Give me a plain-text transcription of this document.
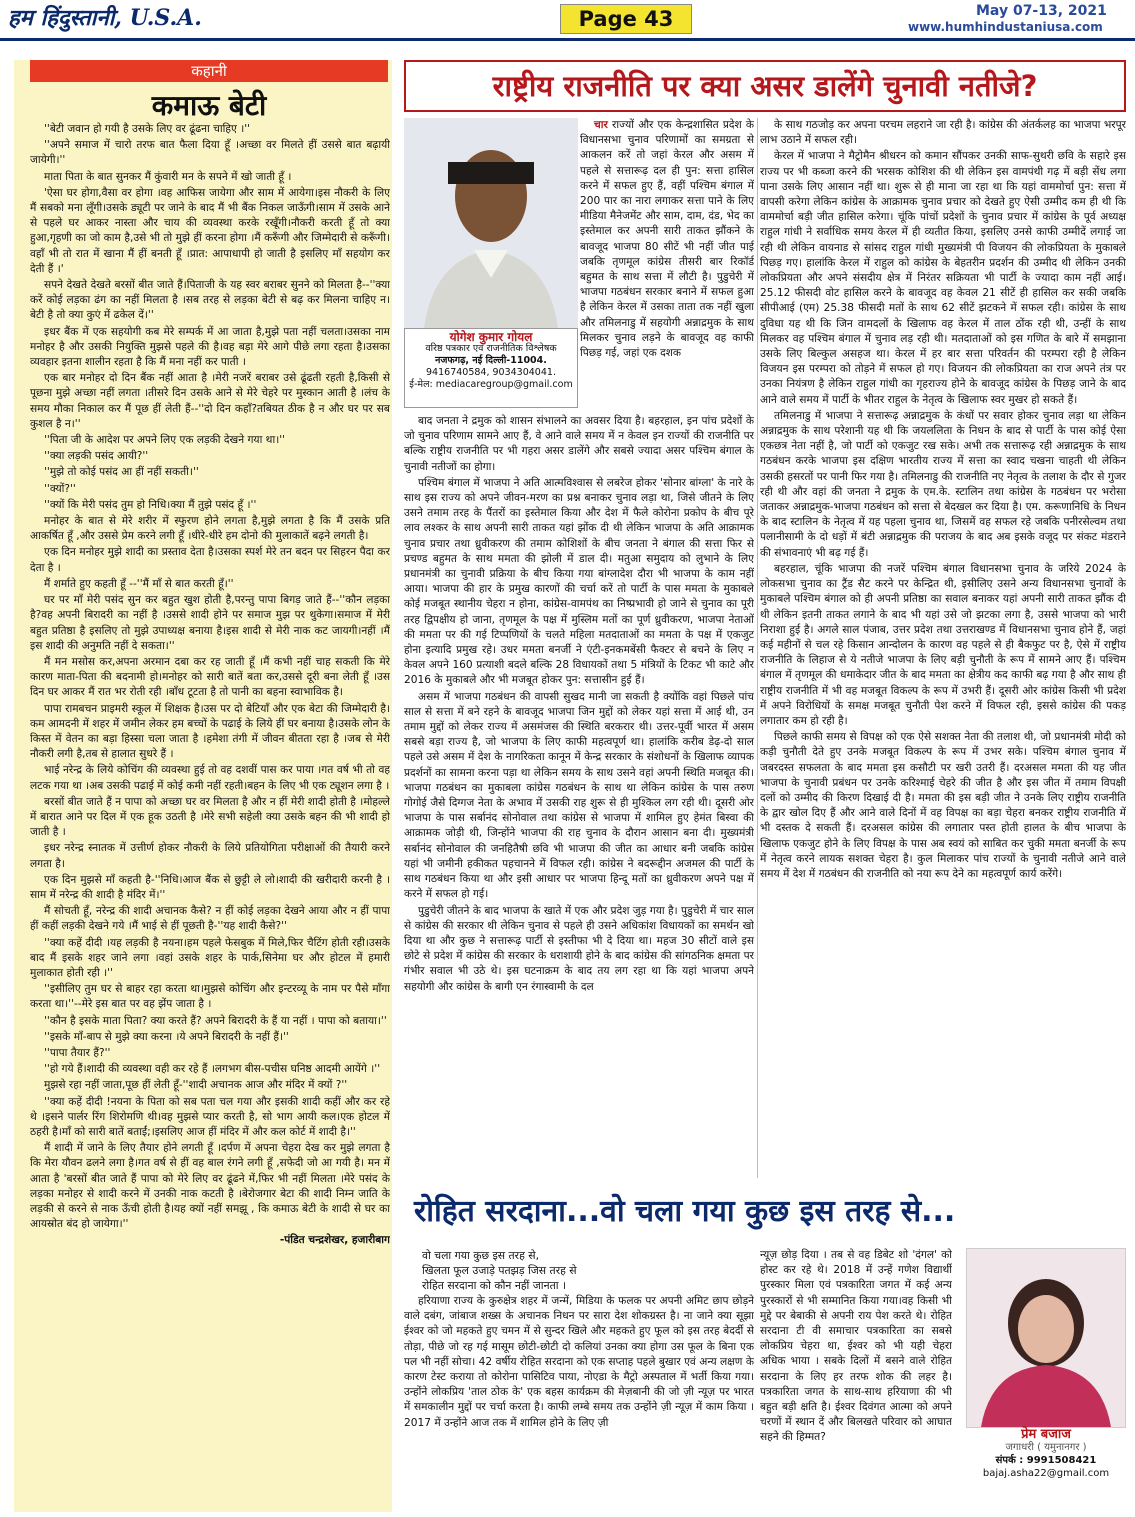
हम हिंदुस्तानी, U.S.A.	Page 43	May 07-13, 2021
www.humhindustaniusa.com
कहानी
कमाऊ बेटी

''बेटी जवान हो गयी है उसके लिए वर ढूंढना चाहिए ।''

''अपने समाज में चारो तरफ बात फैला दिया हूँ ।अच्छा वर मिलते हीं उससे बात बढ़ायी जायेगी।''

माता पिता के बात सुनकर मैं कुंवारी मन के सपने में खो जाती हूँ ।

'ऐसा घर होगा,वैसा वर होगा ।वह आफिस जायेगा और साम में आयेगा।इस नौकरी के लिए मैं सबको मना लूँगी।उसके ड्यूटी पर जाने के बाद मैं भी बैंक निकल जाऊँगी।साम में उसके आने से पहले घर आकर नास्ता और चाय की व्यवस्था करके रखूँगी।नौकरी करती हूँ तो क्या हुआ,गृहणी का जो काम है,उसे भी तो मुझे हीं करना होगा ।मैं करूँगी और जिम्मेदारी से करूँगी।वहाँ भी तो रात में खाना मैं हीं बनती हूँ ।प्रात: आपाधापी हो जाती है इसलिए माँ सहयोग कर देती हैं ।'

सपने देखते देखते बरसों बीत जाते हैं।पिताजी के यह स्वर बराबर सुनने को मिलता है--''क्या करें कोई लड़का ढंग का नहीं मिलता है ।सब तरह से लड़का बेटी से बढ़ कर मिलना चाहिए न।बेटी है तो क्या कुएं में ढकेल दें।''

इधर बैंक में एक सहयोगी कब मेरे सम्पर्क में आ जाता है,मुझे पता नहीं चलता।उसका नाम मनोहर है और उसकी नियुक्ति मुझसे पहले की है।वह बड़ा मेरे आगे पीछे लगा रहता है।उसका व्यवहार इतना शालीन रहता है कि मैं मना नहीं कर पाती ।

एक बार मनोहर दो दिन बैंक नहीं आता है ।मेरी नजरें बराबर उसे ढूंढती रहती है,किसी से पूछना मुझे अच्छा नहीं लगता ।तीसरे दिन उसके आने से मेरे चेहरे पर मुस्कान आती है ।लंच के समय मौका निकाल कर मैं पूछ हीं लेती हैं--''दो दिन कहाँ?तबियत ठीक है न और घर पर सब कुशल है न।''

''पिता जी के आदेश पर अपने लिए एक लड़की देखने गया था।''

''क्या लड़की पसंद आयी?''

''मुझे तो कोई पसंद आ हीं नहीं सकती।''

''क्यों?''

''क्यों कि मेरी पसंद तुम हो निधि।क्या मैं तुझे पसंद हूँ ।''

मनोहर के बात से मेरे शरीर में स्फुरण होने लगता है,मुझे लगता है कि मैं उसके प्रति आकर्षित हूँ ,और उससे प्रेम करने लगी हूँ ।धीरे-धीरे हम दोनो की मुलाकातें बढ़ने लगती है।

एक दिन मनोहर मुझे शादी का प्रस्ताव देता है।उसका स्पर्श मेरे तन बदन पर सिहरन पैदा कर देता है ।

मैं शर्माते हुए कहती हूँ --''मैं माँ से बात करती हूँ।''

घर पर माँ मेरी पसंद सुन कर बहुत खुश होती है,परन्तु पापा बिगड़ जाते हैं--''कौन लड़का है?वह अपनी बिरादरी का नहीं है ।उससे शादी होने पर समाज मुझ पर थुकेगा।समाज में मेरी बहुत प्रतिष्ठा है इसलिए तो मुझे उपाध्यक्ष बनाया है।इस शादी से मेरी नाक कट जायगी।नहीं ।मैं इस शादी की अनुमति नहीं दे सकता।''

मैं मन मसोस कर,अपना अरमान दबा कर रह जाती हूँ ।मैं कभी नहीं चाह सकती कि मेरे कारण माता-पिता की बदनामी हो।मनोहर को सारी बातें बता कर,उससे दूरी बना लेती हूँ ।उस दिन घर आकर मैं रात भर रोती रही ।बाँध टूटता है तो पानी का बहना स्वाभाविक है।

पापा रामबचन प्राइमरी स्कूल में शिक्षक है।उस पर दो बेटियाँ और एक बेटा की जिम्मेदारी है। कम आमदनी में शहर में जमीन लेकर हम बच्चों के पढाई के लिये हीं घर बनाया है।उसके लोन के किस्त में वेतन का बड़ा हिस्सा चला जाता है ।हमेशा तंगी में जीवन बीतता रहा है ।जब से मेरी नौकरी लगी है,तब से हालात सुधरे हैं ।

भाई नरेन्द्र के लिये कोचिंग की व्यवस्था हुई तो वह दशवीं पास कर पाया ।गत वर्ष भी तो वह लटक गया था ।अब उसकी पढाई में कोई कमी नहीं रहती।बहन के लिए भी एक ट्यूशन लगा है ।

बरसों बीत जाते हैं न पापा को अच्छा घर वर मिलता है और न हीं मेरी शादी होती है ।मोहल्ले में बारात आने पर दिल में एक हूक उठती है ।मेरे सभी सहेली क्या उसके बहन की भी शादी हो जाती है ।

इधर नरेन्द्र स्नातक में उत्तीर्ण होकर नौकरी के लिये प्रतियोगिता परीक्षाओं की तैयारी करने लगता है।

एक दिन मुझसे माँ कहती है-''निधि।आज बैंक से छुट्टी ले लो।शादी की खरीदारी करनी है ।साम में नरेन्द्र की शादी है मंदिर में।''

मैं सोचती हूँ, नरेन्द्र की शादी अचानक कैसे? न हीं कोई लड़का देखने आया और न हीं पापा हीं कहीं लड़की देखने गये ।मैं भाई से हीं पूछती है-''यह शादी कैसे?''

''क्या कहें दीदी ।यह लड़की है नयना।हम पहले फेसबुक में मिले,फिर चैटिंग होती रही।उसके बाद मैं इसके शहर जाने लगा ।वहां उसके शहर के पार्क,सिनेमा घर और होटल में हमारी मुलाकात होती रही ।''

''इसीलिए तुम घर से बाहर रहा करता था।मुझसे कोचिंग और इन्टरव्यू के नाम पर पैसे माँगा करता था।''--मेरे इस बात पर वह झेंप जाता है ।

''कौन है इसके माता पिता? क्या करते हैं? अपने बिरादरी के हैं या नहीं । पापा को बताया।''

''इसके माँ-बाप से मुझे क्या करना ।ये अपने बिरादरी के नहीं हैं।''

''पापा तैयार हैं?''

''हो गये हैं।शादी की व्यवस्था वही कर रहे हैं ।लगभग बीस-पचीस घनिष्ठ आदमी आयेंगे ।''

मुझसे रहा नहीं जाता,पूछ हीं लेती हूँ-''शादी अचानक आज और मंदिर में क्यों ?''

''क्या कहें दीदी !नयना के पिता को सब पता चल गया और इसकी शादी कहीं और कर रहे थे ।इसने पार्लर रिंग शिरोमणि थी।वह मुझसे प्यार करती है, सो भाग आयी कल।एक होटल में ठहरी है।माँ को सारी बातें बताईं;।इसलिए आज हीं मंदिर में और कल कोर्ट में शादी है।''

मैं शादी में जाने के लिए तैयार होने लगती हूँ ।दर्पण में अपना चेहरा देख कर मुझे लगता है कि मेरा यौवन ढलने लगा है।गत वर्ष से हीं वह बाल रंगने लगी हूँ ,सफेदी जो आ गयी है। मन में आता है 'बरसों बीत जाते हैं पापा को मेरे लिए वर ढूंढने में,फिर भी नहीं मिलता ।मेरे पसंद के लड़का मनोहर से शादी करने में उनकी नाक कटती है ।बेरोजगार बेटा की शादी निम्न जाति के लड़की से करने से नाक ऊँची होती है।यह क्यों नहीं समझू , कि कमाऊ बेटी के शादी से घर का आयस्रोत बंद हो जायेगा।''

-पंडित चन्द्रशेखर, हजारीबाग
राष्ट्रीय राजनीति पर क्या असर डालेंगे चुनावी नतीजे?
योगेश कुमार गोयल
वरिष्ठ पत्रकार एवं राजनीतिक विश्लेषक
नजफगढ़, नई दिल्ली-11004.
9416740584, 9034304041.
ई-मेल: mediacaregroup@gmail.com

चार राज्यों और एक केन्द्रशासित प्रदेश के विधानसभा चुनाव परिणामों का समग्रता से आकलन करें तो जहां केरल और असम में पहले से सत्तारूढ़ दल ही पुन: सत्ता हासिल करने में सफल हुए हैं, वहीं पश्चिम बंगाल में 200 पार का नारा लगाकर सत्ता पाने के लिए मीडिया मैनेजमेंट और साम, दाम, दंड, भेद का इस्तेमाल कर अपनी सारी ताकत झौंकने के बावजूद भाजपा 80 सीटें भी नहीं जीत पाई जबकि तृणमूल कांग्रेस तीसरी बार रिकॉर्ड बहुमत के साथ सत्ता में लौटी है। पुडुचेरी में भाजपा गठबंधन सरकार बनाने में सफल हुआ है लेकिन केरल में उसका ताता तक नहीं खुला और तमिलनाडु में सहयोगी अन्नाद्रमुक के साथ मिलकर चुनाव लड़ने के बावजूद वह काफी पिछड़ गई, जहां एक दशक

बाद जनता ने द्रमुक को शासन संभालने का अवसर दिया है। बहरहाल, इन पांच प्रदेशों के जो चुनाव परिणाम सामने आए हैं, वे आने वाले समय में न केवल इन राज्यों की राजनीति पर बल्कि राष्ट्रीय राजनीति पर भी गहरा असर डालेंगे और सबसे ज्यादा असर पश्चिम बंगाल के चुनावी नतीजों का होगा।

पश्चिम बंगाल में भाजपा ने अति आत्मविश्वास से लबरेज होकर 'सोनार बांग्ला' के नारे के साथ इस राज्य को अपने जीवन-मरण का प्रश्न बनाकर चुनाव लड़ा था, जिसे जीतने के लिए उसने तमाम तरह के पैंतरों का इस्तेमाल किया और देश में फैले कोरोना प्रकोप के बीच पूरे लाव लश्कर के साथ अपनी सारी ताकत यहां झोंक दी थी लेकिन भाजपा के अति आक्रामक चुनाव प्रचार तथा ध्रुवीकरण की तमाम कोशिशों के बीच जनता ने बंगाल की सत्ता फिर से प्रचण्ड बहुमत के साथ ममता की झोली में डाल दी। मतुआ समुदाय को लुभाने के लिए प्रधानमंत्री का चुनावी प्रक्रिया के बीच किया गया बांग्लादेश दौरा भी भाजपा के काम नहीं आया। भाजपा की हार के प्रमुख कारणों की चर्चा करें तो पार्टी के पास ममता के मुकाबले कोई मजबूत स्थानीय चेहरा न होना, कांग्रेस-वामपंथ का निष्प्रभावी हो जाने से चुनाव का पूरी तरह द्विपक्षीय हो जाना, तृणमूल के पक्ष में मुस्लिम मतों का पूर्ण ध्रुवीकरण, भाजपा नेताओं की ममता पर की गई टिप्पणियों के चलते महिला मतदाताओं का ममता के पक्ष में एकजुट होना इत्यादि प्रमुख रहे। उधर ममता बनर्जी ने एंटी-इनकमबेंसी फैक्टर से बचने के लिए न केवल अपने 160 प्रत्याशी बदले बल्कि 28 विधायकों तथा 5 मंत्रियों के टिकट भी काटे और 2016 के मुकाबले और भी मजबूत होकर पुन: सत्तासीन हुई हैं।

असम में भाजपा गठबंधन की वापसी सुखद मानी जा सकती है क्योंकि वहां पिछले पांच साल से सत्ता में बने रहने के बावजूद भाजपा जिन मुद्दों को लेकर यहां सत्ता में आई थी, उन तमाम मुद्दों को लेकर राज्य में असमंजस की स्थिति बरकरार थी। उत्तर-पूर्वी भारत में असम सबसे बड़ा राज्य है, जो भाजपा के लिए काफी महत्वपूर्ण था। हालांकि करीब डेढ़-दो साल पहले उसे असम में देश के नागरिकता कानून में केन्द्र सरकार के संशोधनों के खिलाफ व्यापक प्रदर्शनों का सामना करना पड़ा था लेकिन समय के साथ उसने वहां अपनी स्थिति मजबूत की। भाजपा गठबंधन का मुकाबला कांग्रेस गठबंधन के साथ था लेकिन कांग्रेस के पास तरुण गोगोई जैसे दिग्गज नेता के अभाव में उसकी राह शुरू से ही मुश्किल लग रही थी। दूसरी ओर भाजपा के पास सर्बानंद सोनोवाल तथा कांग्रेस से भाजपा में शामिल हुए हेमंत बिस्वा की आक्रामक जोड़ी थी, जिन्होंने भाजपा की राह चुनाव के दौरान आसान बना दी। मुख्यमंत्री सर्बानंद सोनोवाल की जनहितैषी छवि भी भाजपा की जीत का आधार बनी जबकि कांग्रेस यहां भी जमीनी हकीकत पहचानने में विफल रही। कांग्रेस ने बदरूद्दीन अजमल की पार्टी के साथ गठबंधन किया था और इसी आधार पर भाजपा हिन्दू मतों का ध्रुवीकरण अपने पक्ष में करने में सफल हो गई।

पुडुचेरी जीतने के बाद भाजपा के खाते में एक और प्रदेश जुड़ गया है। पुडुचेरी में चार साल से कांग्रेस की सरकार थी लेकिन चुनाव से पहले ही उसने अधिकांश विधायकों का समर्थन खो दिया था और कुछ ने सत्तारूढ़ पार्टी से इस्तीफा भी दे दिया था। महज 30 सीटों वाले इस छोटे से प्रदेश में कांग्रेस की सरकार के धराशायी होने के बाद कांग्रेस की सांगठनिक क्षमता पर गंभीर सवाल भी उठे थे। इस घटनाक्रम के बाद तय लग रहा था कि यहां भाजपा अपने सहयोगी और कांग्रेस के बागी एन रंगास्वामी के दल

के साथ गठजोड़ कर अपना परचम लहराने जा रही है। कांग्रेस की अंतर्कलह का भाजपा भरपूर लाभ उठाने में सफल रही।

केरल में भाजपा ने मैट्रोमैन श्रीधरन को कमान सौंपकर उनकी साफ-सुथरी छवि के सहारे इस राज्य पर भी कब्जा करने की भरसक कोशिश की थी लेकिन इस वामपंथी गढ़ में बड़ी सेंध लगा पाना उसके लिए आसान नहीं था। शुरू से ही माना जा रहा था कि यहां वाममोर्चा पुन: सत्ता में वापसी करेगा लेकिन कांग्रेस के आक्रामक चुनाव प्रचार को देखते हुए ऐसी उम्मीद कम ही थी कि वाममोर्चा बड़ी जीत हासिल करेगा। चूंकि पांचों प्रदेशों के चुनाव प्रचार में कांग्रेस के पूर्व अध्यक्ष राहुल गांधी ने सर्वाधिक समय केरल में ही व्यतीत किया, इसलिए उनसे काफी उम्मीदें लगाई जा रही थी लेकिन वायनाड से सांसद राहुल गांधी मुख्यमंत्री पी विजयन की लोकप्रियता के मुकाबले पिछड़ गए। हालांकि केरल में राहुल को कांग्रेस के बेहतरीन प्रदर्शन की उम्मीद थी लेकिन उनकी लोकप्रियता और अपने संसदीय क्षेत्र में निरंतर सक्रियता भी पार्टी के ज्यादा काम नहीं आई। 25.12 फीसदी वोट हासिल करने के बावजूद वह केवल 21 सीटें ही हासिल कर सकी जबकि सीपीआई (एम) 25.38 फीसदी मतों के साथ 62 सीटें झटकने में सफल रही। कांग्रेस के साथ दुविधा यह थी कि जिन वामदलों के खिलाफ वह केरल में ताल ठोंक रही थी, उन्हीं के साथ मिलकर वह पश्चिम बंगाल में चुनाव लड़ रही थी। मतदाताओं को इस गणित के बारे में समझाना उसके लिए बिल्कुल असहज था। केरल में हर बार सत्ता परिवर्तन की परम्परा रही है लेकिन विजयन इस परम्परा को तोड़ने में सफल हो गए। विजयन की लोकप्रियता का राज अपने तंत्र पर उनका नियंत्रण है लेकिन राहुल गांधी का गृहराज्य होने के बावजूद कांग्रेस के पिछड़ जाने के बाद आने वाले समय में पार्टी के भीतर राहुल के नेतृत्व के खिलाफ स्वर मुखर हो सकते हैं।

तमिलनाडु में भाजपा ने सत्तारूढ़ अन्नाद्रमुक के कंधों पर सवार होकर चुनाव लड़ा था लेकिन अन्नाद्रमुक के साथ परेशानी यह थी कि जयललिता के निधन के बाद से पार्टी के पास कोई ऐसा एकछत्र नेता नहीं है, जो पार्टी को एकजुट रख सके। अभी तक सत्तारूढ़ रही अन्नाद्रमुक के साथ गठबंधन करके भाजपा इस दक्षिण भारतीय राज्य में सत्ता का स्वाद चखना चाहती थी लेकिन उसकी हसरतों पर पानी फिर गया है। तमिलनाडु की राजनीति नए नेतृत्व के तलाश के दौर से गुजर रही थी और वहां की जनता ने द्रमुक के एम.के. स्टालिन तथा कांग्रेस के गठबंधन पर भरोसा जताकर अन्नाद्रमुक-भाजपा गठबंधन को सत्ता से बेदखल कर दिया है। एम. करूणानिधि के निधन के बाद स्टालिन के नेतृत्व में यह पहला चुनाव था, जिसमें वह सफल रहे जबकि पनीरसेल्वम तथा पलानीसामी के दो धड़ों में बंटी अन्नाद्रमुक की पराजय के बाद अब इसके वजूद पर संकट मंडराने की संभावनाएं भी बढ़ गई हैं।

बहरहाल, चूंकि भाजपा की नजरें पश्चिम बंगाल विधानसभा चुनाव के जरिये 2024 के लोकसभा चुनाव का ट्रैंड सैट करने पर केन्द्रित थी, इसीलिए उसने अन्य विधानसभा चुनावों के मुकाबले पश्चिम बंगाल को ही अपनी प्रतिष्ठा का सवाल बनाकर यहां अपनी सारी ताकत झौंक दी थी लेकिन इतनी ताकत लगाने के बाद भी यहां उसे जो झटका लगा है, उससे भाजपा को भारी निराशा हुई है। अगले साल पंजाब, उत्तर प्रदेश तथा उत्तराखण्ड में विधानसभा चुनाव होने हैं, जहां कई महीनों से चल रहे किसान आन्दोलन के कारण वह पहले से ही बैकफुट पर है, ऐसे में राष्ट्रीय राजनीति के लिहाज से ये नतीजे भाजपा के लिए बड़ी चुनौती के रूप में सामने आए हैं। पश्चिम बंगाल में तृणमूल की धमाकेदार जीत के बाद ममता का क्षेत्रीय कद काफी बढ़ गया है और साथ ही राष्ट्रीय राजनीति में भी वह मजबूत विकल्प के रूप में उभरी हैं। दूसरी ओर कांग्रेस किसी भी प्रदेश में अपने विरोधियों के समक्ष मजबूत चुनौती पेश करने में विफल रही, इससे कांग्रेस की पकड़ लगातार कम हो रही है।

पिछले काफी समय से विपक्ष को एक ऐसे सशक्त नेता की तलाश थी, जो प्रधानमंत्री मोदी को कड़ी चुनौती देते हुए उनके मजबूत विकल्प के रूप में उभर सके। पश्चिम बंगाल चुनाव में जबरदस्त सफलता के बाद ममता इस कसौटी पर खरी उतरी हैं। दरअसल ममता की यह जीत भाजपा के चुनावी प्रबंधन पर उनके करिश्माई चेहरे की जीत है और इस जीत में तमाम विपक्षी दलों को उम्मीद की किरण दिखाई दी है। ममता की इस बड़ी जीत ने उनके लिए राष्ट्रीय राजनीति के द्वार खोल दिए हैं और आने वाले दिनों में वह विपक्ष का बड़ा चेहरा बनकर राष्ट्रीय राजनीति में भी दस्तक दे सकती हैं। दरअसल कांग्रेस की लगातार पस्त होती हालत के बीच भाजपा के खिलाफ एकजुट होने के लिए विपक्ष के पास अब स्वयं को साबित कर चुकी ममता बनर्जी के रूप में नेतृत्व करने लायक सशक्त चेहरा है। कुल मिलाकर पांच राज्यों के चुनावी नतीजे आने वाले समय में देश में गठबंधन की राजनीति को नया रूप देने का महत्वपूर्ण कार्य करेंगे।

रोहित सरदाना...वो चला गया कुछ इस तरह से...
वो चला गया कुछ इस तरह से,
खिलता फूल उजाड़े पतझड़ जिस तरह से
रोहित सरदाना को कौन नहीं जानता ।

हरियाणा राज्य के कुरुक्षेत्र शहर में जन्में, मिडिया के फलक पर अपनी अमिट छाप छोड़ने वाले दबंग, जांबाज शख्स के अचानक निधन पर सारा देश शोकग्रस्त है। ना जाने क्या सूझा ईश्वर को जो महकते हुए चमन में से सुन्दर खिले और महकते हुए फूल को इस तरह बेदर्दी से तोड़ा, पीछे जो रह गई मासूम छोटी-छोटी दो कलियां उनका क्या होगा उस फूल के बिना एक पल भी नहीं सोचा। 42 वर्षीय रोहित सरदाना को एक सप्ताह पहले बुखार एवं अन्य लक्षण के कारण टेस्ट कराया तो कोरोना पासिटिव पाया, नोएडा के मैट्रो अस्पताल में भर्ती किया गया। उन्होंने लोकप्रिय 'ताल ठोक के' एक बहस कार्यक्रम की मेज़बानी की जो ज़ी न्यूज़ पर भारत में समकालीन मुद्दों पर चर्चा करता है। काफी लम्बे समय तक उन्होंने ज़ी न्यूज़ में काम किया । 2017 में उन्होंने आज तक में शामिल होने के लिए ज़ी

न्यूज़ छोड़ दिया । तब से वह डिबेट शो 'दंगल' को होस्ट कर रहे थे। 2018 में उन्हें गणेश विद्यार्थी पुरस्कार मिला एवं पत्रकारिता जगत में कई अन्य पुरस्कारों से भी सम्मानित किया गया।वह किसी भी मुद्दे पर बेबाकी से अपनी राय पेश करते थे। रोहित सरदाना टी वी समाचार पत्रकारिता का सबसे लोकप्रिय चेहरा था, ईश्वर को भी यही चेहरा अधिक भाया । सबके दिलों में बसने वाले रोहित सरदाना के लिए हर तरफ शोक की लहर है। पत्रकारिता जगत के साथ-साथ हरियाणा की भी बहुत बड़ी क्षति है। ईश्वर दिवंगत आत्मा को अपने चरणों में स्थान दें और बिलखते परिवार को आघात सहने की हिम्मत?	प्रेम बजाज
जगाधरी ( यमुनानगर )
संपर्क : 9991508421
bajaj.asha22@gmail.com
